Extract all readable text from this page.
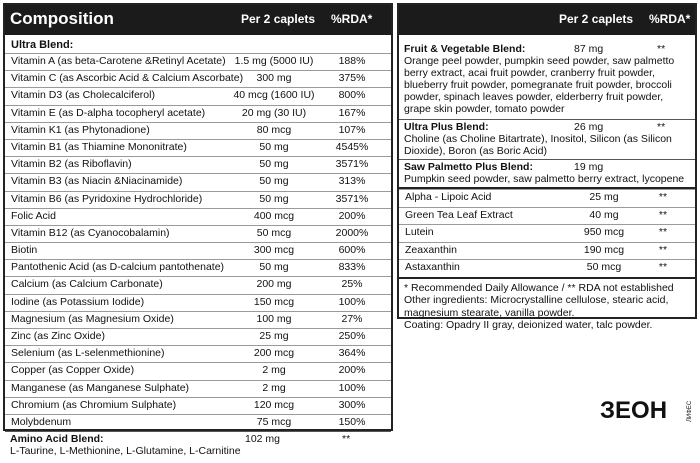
Composition	Per 2 caplets %RDA*
Ultra Blend:
Vitamin A (as beta-Carotene &Retinyl Acetate) 1.5 mg (5000 IU) 188%
Vitamin C (as Ascorbic Acid & Calcium Ascorbate) 300 mg	375%
Vitamin D3 (as Cholecalciferol)	40 mcg (1600 IU) 800%
Vitamin E (as D-alpha tocopheryl acetate)	20 mg (30 IU)	167%
Vitamin K1 (as Phytonadione)	80 mcg	107%
Vitamin B1 (as Thiamine Mononitrate)	50 mg	4545%
Vitamin B2 (as Riboflavin)	50 mg	3571%
Vitamin B3 (as Niacin &Niacinamide)	50 mg	313%
Vitamin B6 (as Pyridoxine Hydrochloride)	50 mg	3571%
Folic Acid	400 mcg	200%
Vitamin B12 (as Cyanocobalamin)	50 mcg	2000%
Biotin	300 mcg	600%
Pantothenic Acid (as D-calcium pantothenate)	50 mg	833%
Calcium (as Calcium Carbonate)	200 mg	25%
Iodine (as Potassium Iodide)	150 mcg	100%
Magnesium (as Magnesium Oxide)	100 mg	27%
Zinc (as Zinc Oxide)	25 mg	250%
Selenium (as L-selenmethionine)	200 mcg	364%
Copper (as Copper Oxide)	2 mg	200%
Manganese (as Manganese Sulphate)	2 mg	100%
Chromium (as Chromium Sulphate)	120 mcg	300%
Molybdenum	75 mcg	150%
Amino Acid Blend:	102 mg	**
L-Taurine, L-Methionine, L-Glutamine, L-Carnitine
Per 2 caplets %RDA*
Fruit & Vegetable Blend:	87 mg	**
Orange peel powder, pumpkin seed powder, saw palmetto berry extract, acai fruit powder, cranberry fruit powder, blueberry fruit powder, pomegranate fruit powder, broccoli powder, spinach leaves powder, elderberry fruit powder, grape skin powder, tomato powder
Ultra Plus Blend:	26 mg	**
Choline (as Choline Bitartrate), Inositol, Silicon (as Silicon Dioxide), Boron (as Boric Acid)
Saw Palmetto Plus Blend:	19 mg
Pumpkin seed powder, saw palmetto berry extract, lycopene
Alpha - Lipoic Acid	25 mg	**
Green Tea Leaf Extract	40 mg	**
Lutein	950 mcg	**
Zeaxanthin	190 mcg	**
Astaxanthin	50 mcg	**
* Recommended Daily Allowance / ** RDA not established
Other ingredients: Microcrystalline cellulose, stearic acid, magnesium stearate, vanilla powder.
Coating: Opadry II gray, deionized water, talc powder.
ЗЕОН	ЛИФЕС
